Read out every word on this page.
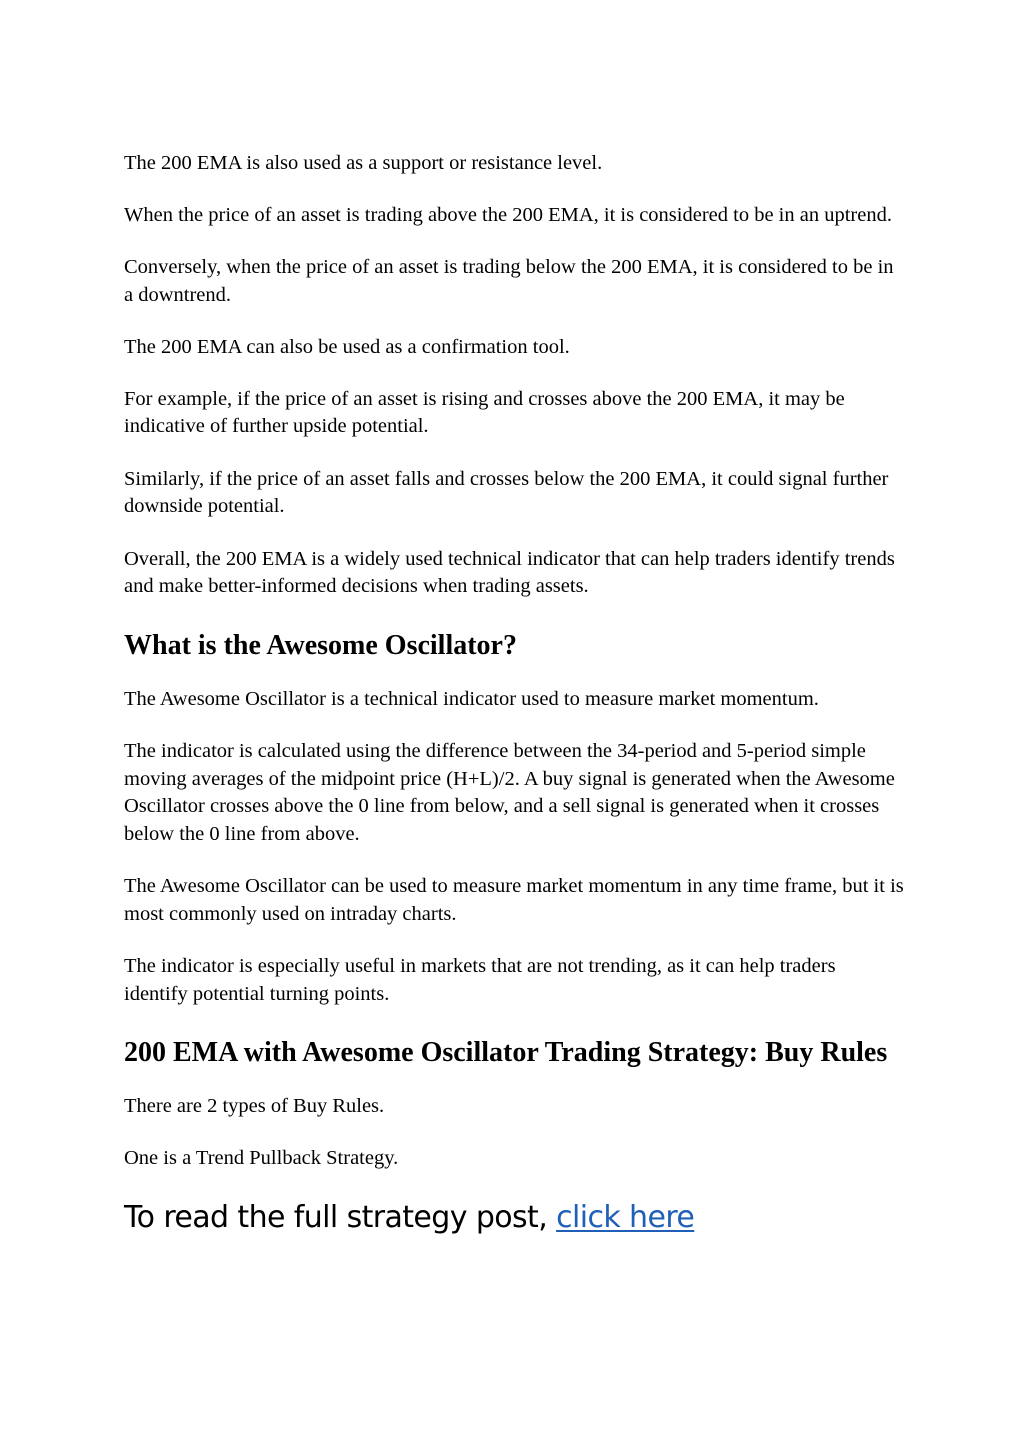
The 200 EMA is also used as a support or resistance level.

When the price of an asset is trading above the 200 EMA, it is considered to be in an uptrend.

Conversely, when the price of an asset is trading below the 200 EMA, it is considered to be in a downtrend.

The 200 EMA can also be used as a confirmation tool.

For example, if the price of an asset is rising and crosses above the 200 EMA, it may be indicative of further upside potential.

Similarly, if the price of an asset falls and crosses below the 200 EMA, it could signal further downside potential.

Overall, the 200 EMA is a widely used technical indicator that can help traders identify trends and make better-informed decisions when trading assets.

What is the Awesome Oscillator?

The Awesome Oscillator is a technical indicator used to measure market momentum.

The indicator is calculated using the difference between the 34-period and 5-period simple moving averages of the midpoint price (H+L)/2. A buy signal is generated when the Awesome Oscillator crosses above the 0 line from below, and a sell signal is generated when it crosses below the 0 line from above.

The Awesome Oscillator can be used to measure market momentum in any time frame, but it is most commonly used on intraday charts.

The indicator is especially useful in markets that are not trending, as it can help traders identify potential turning points.

200 EMA with Awesome Oscillator Trading Strategy: Buy Rules

There are 2 types of Buy Rules.

One is a Trend Pullback Strategy.

To read the full strategy post, click here
